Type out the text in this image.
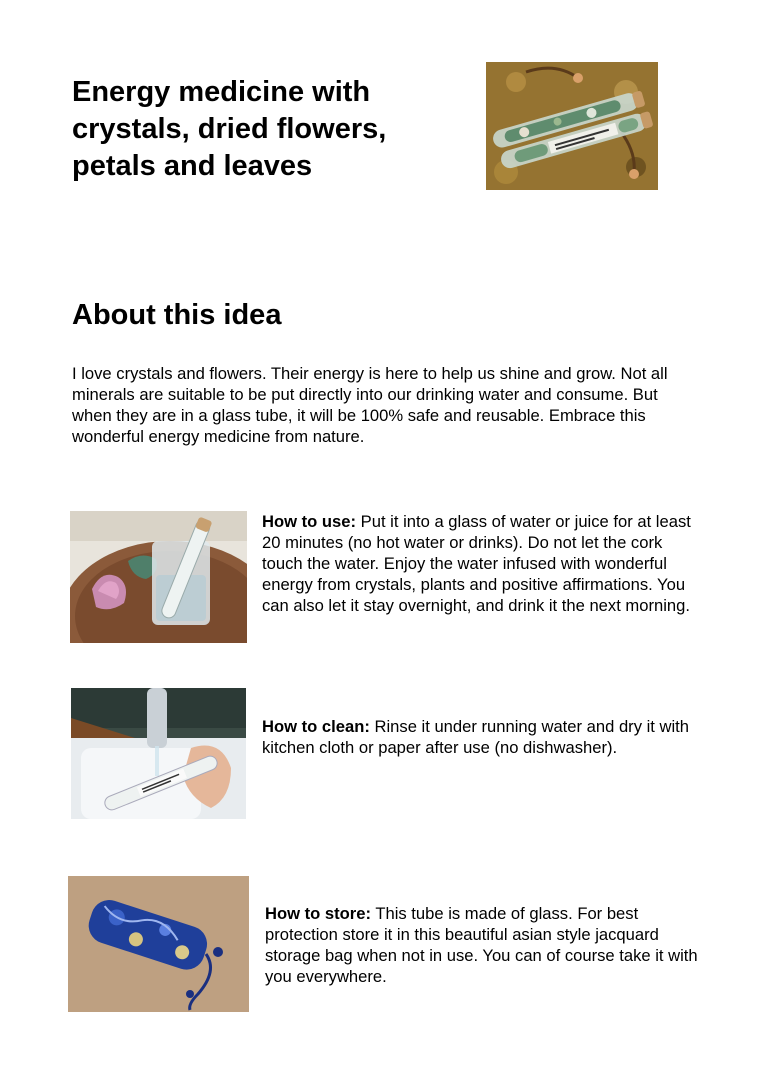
Energy medicine with crystals, dried flowers, petals and leaves
About this idea
I love crystals and flowers. Their energy is here to help us shine and grow. Not all minerals are suitable to be put directly into our drinking water and consume. But when they are in a glass tube, it will be 100% safe and reusable. Embrace this wonderful energy medicine from nature.
How to use: Put it into a glass of water or juice for at least 20 minutes (no hot water or drinks). Do not let the cork touch the water. Enjoy the water infused with wonderful energy from crystals, plants and positive affirmations. You can also let it stay overnight, and drink it the next morning.
How to clean: Rinse it under running water and dry it with kitchen cloth or paper after use (no dishwasher).
How to store: This tube is made of glass. For best protection store it in this beautiful asian style jacquard storage bag when not in use. You can of course take it with you everywhere.
